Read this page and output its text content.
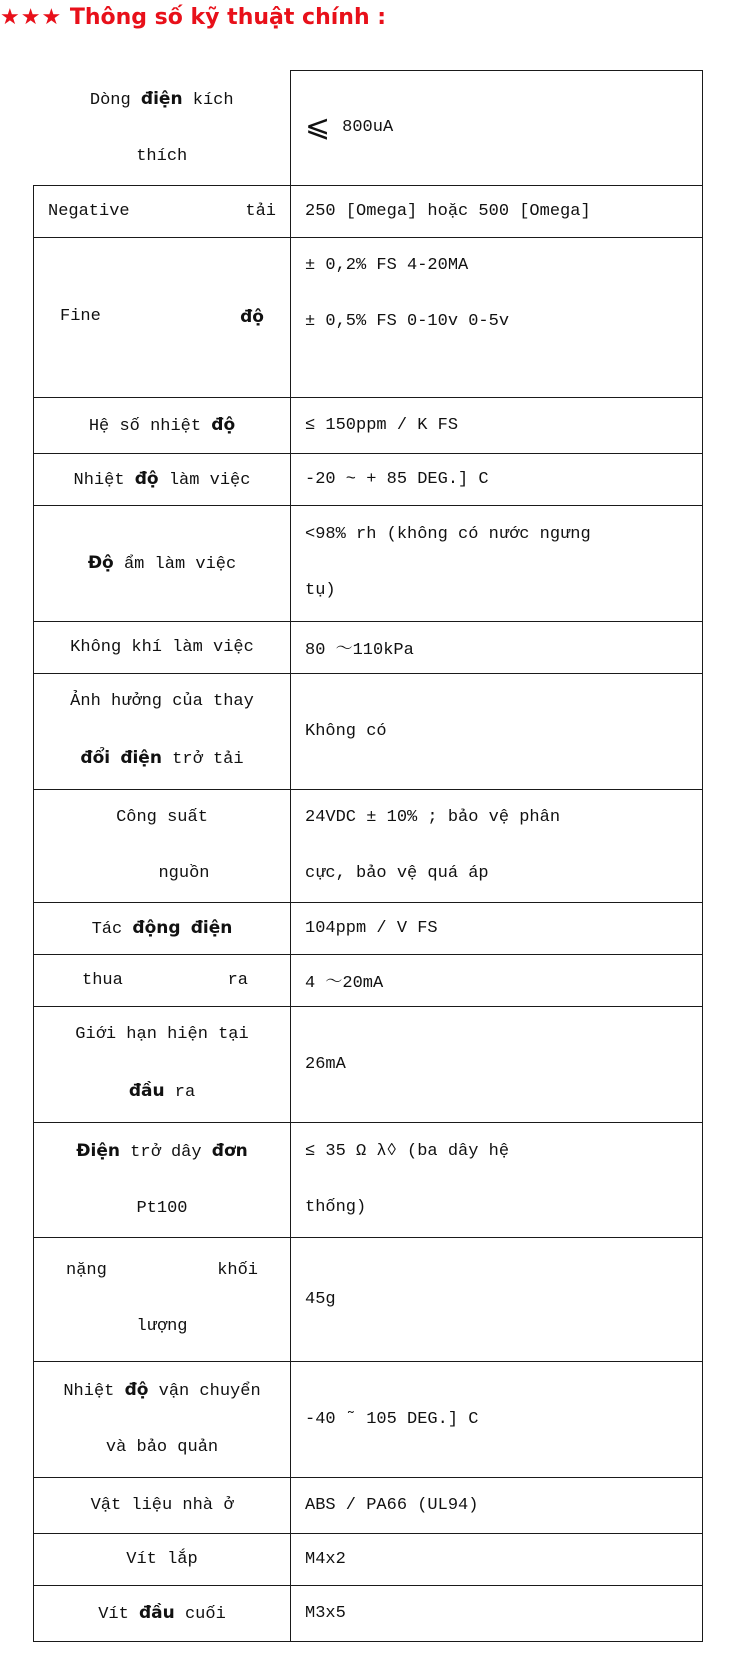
★★★ Thông số kỹ thuật chính :
Dòng điện kích
thích	⩽ 800uA

Negative tải	250 [Omega] hoặc 500 [Omega]

Fine độ	± 0,2% FS 4-20MA
± 0,5% FS 0-10v 0-5v

Hệ số nhiệt độ	≤ 150ppm / K FS
Nhiệt độ làm việc	-20 ~ + 85 DEG.] C
Độ ẩm làm việc	<98% rh (không có nước ngưng
tụ)

Không khí làm việc	80 ～110kPa

Ảnh hưởng của thay
đổi điện trở tải	Không có

Công suất
nguồn	24VDC ± 10% ; bảo vệ phân
cực, bảo vệ quá áp

Tác động điện	104ppm / V FS

thua ra	4 ～20mA

Giới hạn hiện tại
đầu ra	26mA

Điện trở dây đơn
Pt100	≤ 35 Ω λ◊ (ba dây hệ
thống)

nặng khối
lượng	45g

Nhiệt độ vận chuyển
và bảo quản	-40 ˜ 105 DEG.] C
Vật liệu nhà ở	ABS / PA66 (UL94)
Vít lắp	M4x2
Vít đầu cuối	M3x5
